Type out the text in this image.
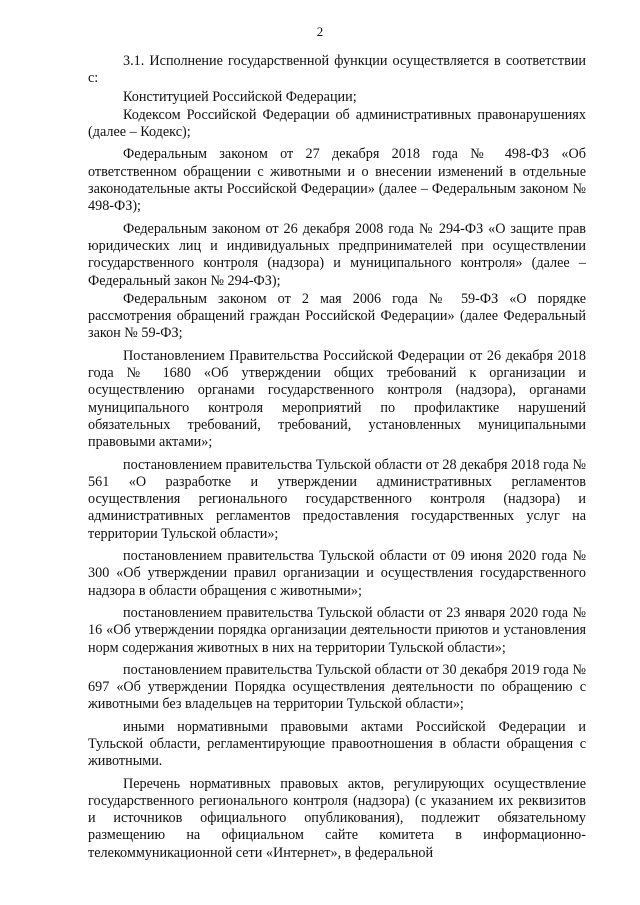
2

3.1. Исполнение государственной функции осуществляется в соответствии с:

Конституцией Российской Федерации;

Кодексом Российской Федерации об административных правонарушениях (далее – Кодекс);

Федеральным законом от 27 декабря 2018 года № 498-ФЗ «Об ответственном обращении с животными и о внесении изменений в отдельные законодательные акты Российской Федерации» (далее – Федеральным законом № 498-ФЗ);

Федеральным законом от 26 декабря 2008 года № 294-ФЗ «О защите прав юридических лиц и индивидуальных предпринимателей при осуществлении государственного контроля (надзора) и муниципального контроля» (далее – Федеральный закон № 294-ФЗ);

Федеральным законом от 2 мая 2006 года № 59-ФЗ «О порядке рассмотрения обращений граждан Российской Федерации» (далее Федеральный закон № 59-ФЗ;

Постановлением Правительства Российской Федерации от 26 декабря 2018 года № 1680 «Об утверждении общих требований к организации и осуществлению органами государственного контроля (надзора), органами муниципального контроля мероприятий по профилактике нарушений обязательных требований, требований, установленных муниципальными правовыми актами»;

постановлением правительства Тульской области от 28 декабря 2018 года № 561 «О разработке и утверждении административных регламентов осуществления регионального государственного контроля (надзора) и административных регламентов предоставления государственных услуг на территории Тульской области»;

постановлением правительства Тульской области от 09 июня 2020 года № 300 «Об утверждении правил организации и осуществления государственного надзора в области обращения с животными»;

постановлением правительства Тульской области от 23 января 2020 года № 16 «Об утверждении порядка организации деятельности приютов и установления норм содержания животных в них на территории Тульской области»;

постановлением правительства Тульской области от 30 декабря 2019 года № 697 «Об утверждении Порядка осуществления деятельности по обращению с животными без владельцев на территории Тульской области»;

иными нормативными правовыми актами Российской Федерации и Тульской области, регламентирующие правоотношения в области обращения с животными.

Перечень нормативных правовых актов, регулирующих осуществление государственного регионального контроля (надзора) (с указанием их реквизитов и источников официального опубликования), подлежит обязательному размещению на официальном сайте комитета в информационно-телекоммуникационной сети «Интернет», в федеральной
